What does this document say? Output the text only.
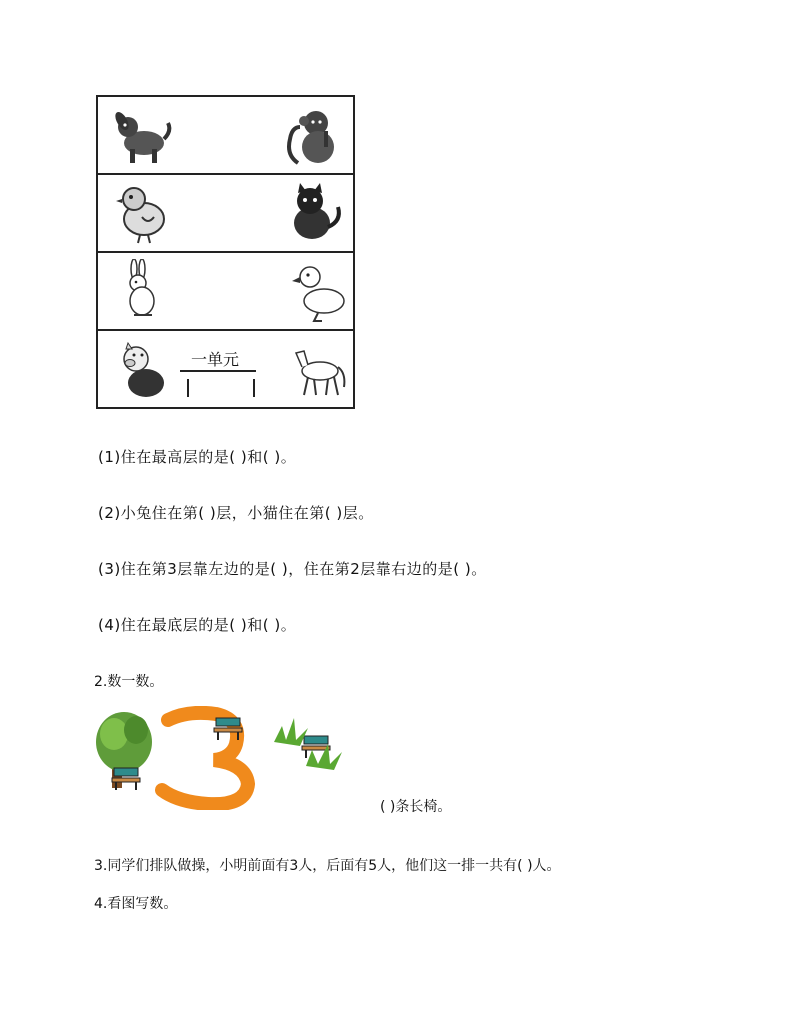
一单元
(1)住在最高层的是( )和( )。
(2)小兔住在第( )层，小猫住在第( )层。
(3)住在第3层靠左边的是( )，住在第2层靠右边的是( )。
(4)住在最底层的是( )和( )。
2.数一数。
( )条长椅。
3.同学们排队做操，小明前面有3人，后面有5人，他们这一排一共有( )人。
4.看图写数。
